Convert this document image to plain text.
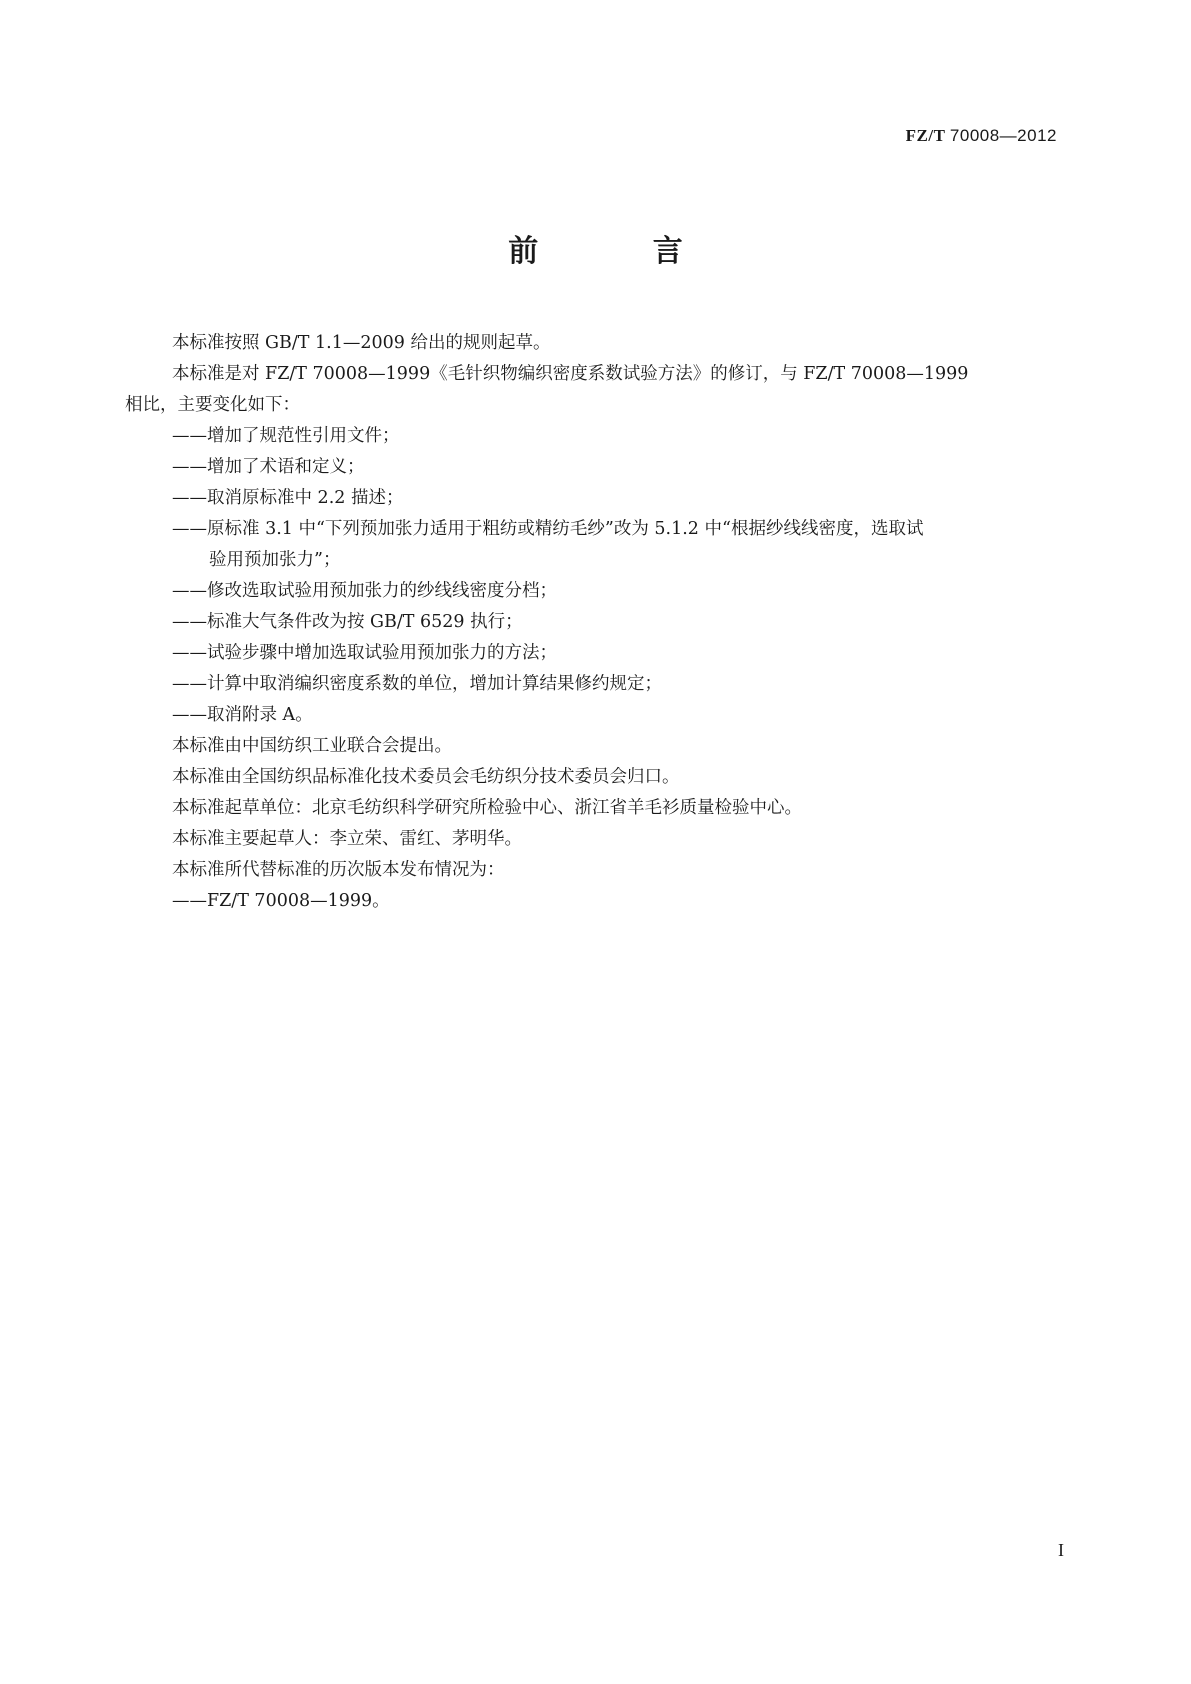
FZ/T 70008—2012
前 言

本标准按照 GB/T 1.1—2009 给出的规则起草。

本标准是对 FZ/T 70008—1999《毛针织物编织密度系数试验方法》的修订，与 FZ/T 70008—1999

相比，主要变化如下：

——增加了规范性引用文件；

——增加了术语和定义；

——取消原标准中 2.2 描述；

——原标准 3.1 中“下列预加张力适用于粗纺或精纺毛纱”改为 5.1.2 中“根据纱线线密度，选取试

验用预加张力”；

——修改选取试验用预加张力的纱线线密度分档；

——标准大气条件改为按 GB/T 6529 执行；

——试验步骤中增加选取试验用预加张力的方法；

——计算中取消编织密度系数的单位，增加计算结果修约规定；

——取消附录 A。

本标准由中国纺织工业联合会提出。

本标准由全国纺织品标准化技术委员会毛纺织分技术委员会归口。

本标准起草单位：北京毛纺织科学研究所检验中心、浙江省羊毛衫质量检验中心。

本标准主要起草人：李立荣、雷红、茅明华。

本标准所代替标准的历次版本发布情况为：

——FZ/T 70008—1999。

I
